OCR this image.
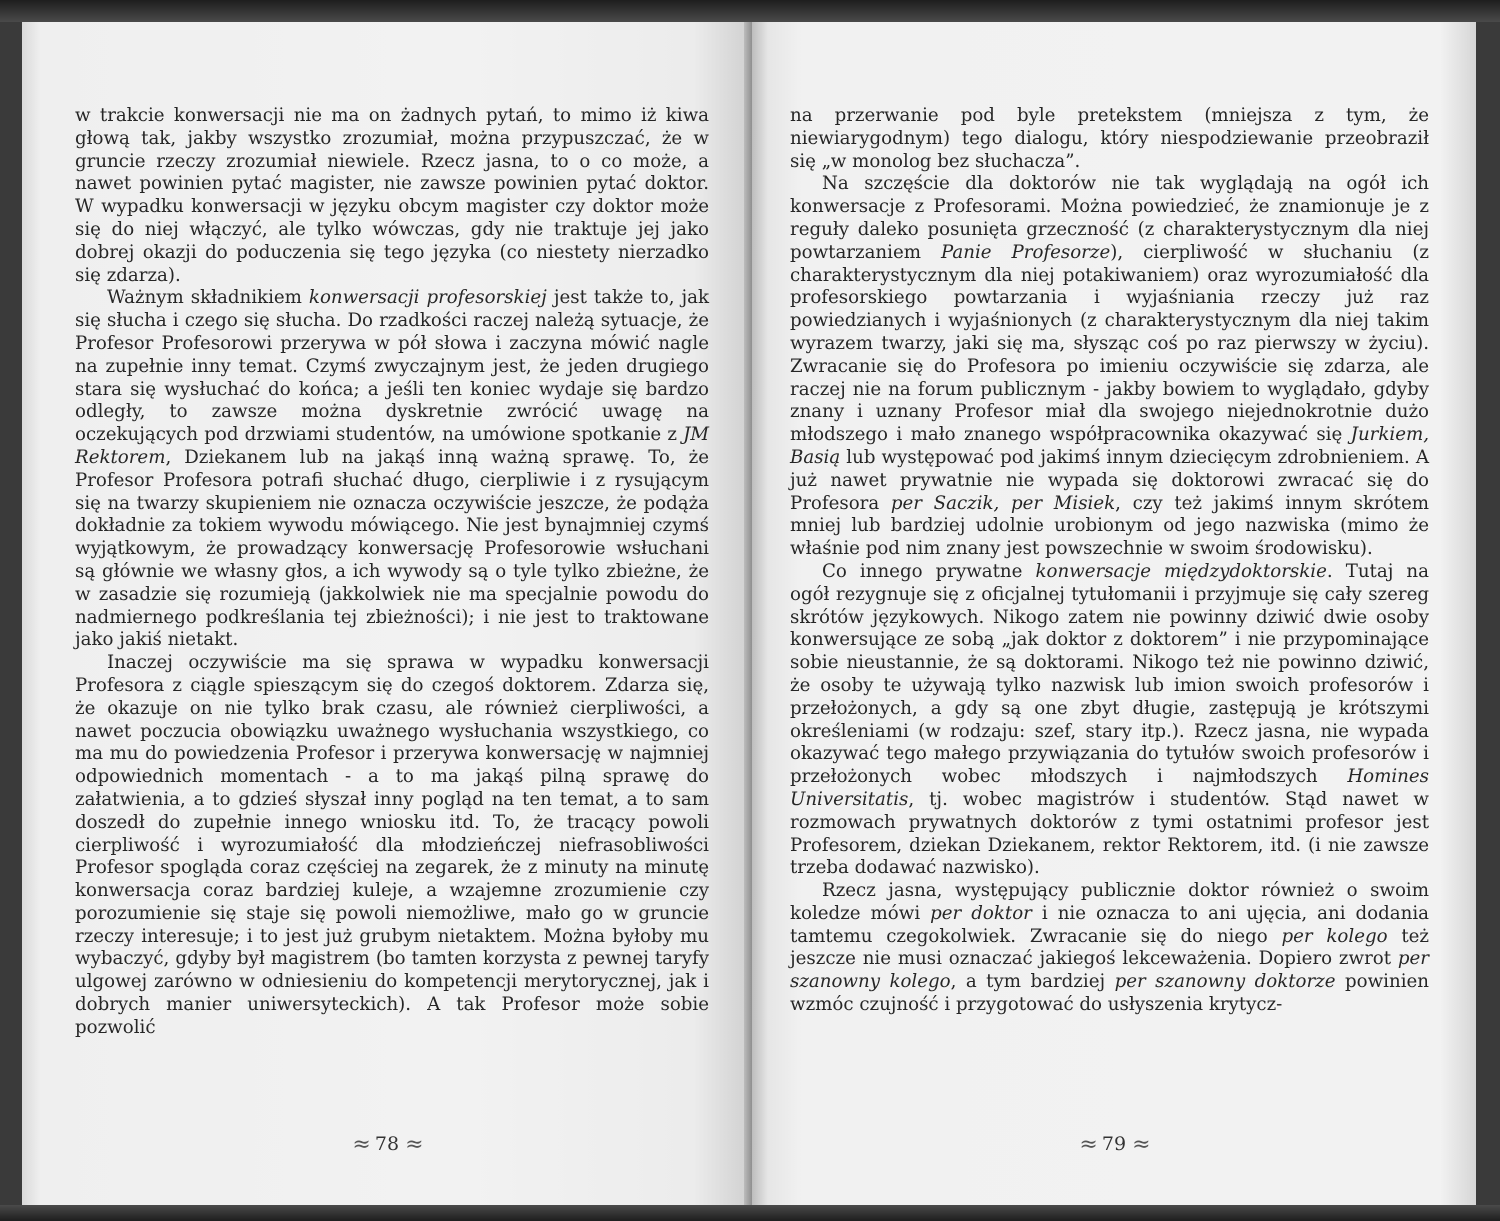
w trakcie konwersacji nie ma on żadnych pytań, to mimo iż kiwa głową tak, jakby wszystko zrozumiał, można przypuszczać, że w gruncie rzeczy zrozumiał niewiele. Rzecz jasna, to o co może, a nawet powinien pytać magister, nie zawsze powinien pytać doktor. W wypadku konwersacji w języku obcym magister czy doktor może się do niej włączyć, ale tylko wówczas, gdy nie traktuje jej jako dobrej okazji do poduczenia się tego języka (co niestety nierzadko się zdarza).

Ważnym składnikiem konwersacji profesorskiej jest także to, jak się słucha i czego się słucha. Do rzadkości raczej należą sytuacje, że Profesor Profesorowi przerywa w pół słowa i zaczyna mówić nagle na zupełnie inny temat. Czymś zwyczajnym jest, że jeden drugiego stara się wysłuchać do końca; a jeśli ten koniec wydaje się bardzo odległy, to zawsze można dyskretnie zwrócić uwagę na oczekujących pod drzwiami studentów, na umówione spotkanie z JM Rektorem, Dziekanem lub na jakąś inną ważną sprawę. To, że Profesor Profesora potrafi słuchać długo, cierpliwie i z rysującym się na twarzy skupieniem nie oznacza oczywiście jeszcze, że podąża dokładnie za tokiem wywodu mówiącego. Nie jest bynajmniej czymś wyjątkowym, że prowadzący konwersację Profesorowie wsłuchani są głównie we własny głos, a ich wywody są o tyle tylko zbieżne, że w zasadzie się rozumieją (jakkolwiek nie ma specjalnie powodu do nadmiernego podkreślania tej zbieżności); i nie jest to traktowane jako jakiś nietakt.

Inaczej oczywiście ma się sprawa w wypadku konwersacji Profesora z ciągle spieszącym się do czegoś doktorem. Zdarza się, że okazuje on nie tylko brak czasu, ale również cierpliwości, a nawet poczucia obowiązku uważnego wysłuchania wszystkiego, co ma mu do powiedzenia Profesor i przerywa konwersację w najmniej odpowiednich momentach - a to ma jakąś pilną sprawę do załatwienia, a to gdzieś słyszał inny pogląd na ten temat, a to sam doszedł do zupełnie innego wniosku itd. To, że tracący powoli cierpliwość i wyrozumiałość dla młodzieńczej niefrasobliwości Profesor spogląda coraz częściej na zegarek, że z minuty na minutę konwersacja coraz bardziej kuleje, a wzajemne zrozumienie czy porozumienie się staje się powoli niemożliwe, mało go w gruncie rzeczy interesuje; i to jest już grubym nietaktem. Można byłoby mu wybaczyć, gdyby był magistrem (bo tamten korzysta z pewnej taryfy ulgowej zarówno w odniesieniu do kompetencji merytorycznej, jak i dobrych manier uniwersyteckich). A tak Profesor może sobie pozwolić

≈ 78 ≈

na przerwanie pod byle pretekstem (mniejsza z tym, że niewiarygodnym) tego dialogu, który niespodziewanie przeobraził się „w monolog bez słuchacza”.

Na szczęście dla doktorów nie tak wyglądają na ogół ich konwersacje z Profesorami. Można powiedzieć, że znamionuje je z reguły daleko posunięta grzeczność (z charakterystycznym dla niej powtarzaniem Panie Profesorze), cierpliwość w słuchaniu (z charakterystycznym dla niej potakiwaniem) oraz wyrozumiałość dla profesorskiego powtarzania i wyjaśniania rzeczy już raz powiedzianych i wyjaśnionych (z charakterystycznym dla niej takim wyrazem twarzy, jaki się ma, słysząc coś po raz pierwszy w życiu). Zwracanie się do Profesora po imieniu oczywiście się zdarza, ale raczej nie na forum publicznym - jakby bowiem to wyglądało, gdyby znany i uznany Profesor miał dla swojego niejednokrotnie dużo młodszego i mało znanego współpracownika okazywać się Jurkiem, Basią lub występować pod jakimś innym dziecięcym zdrobnieniem. A już nawet prywatnie nie wypada się doktorowi zwracać się do Profesora per Saczik, per Misiek, czy też jakimś innym skrótem mniej lub bardziej udolnie urobionym od jego nazwiska (mimo że właśnie pod nim znany jest powszechnie w swoim środowisku).

Co innego prywatne konwersacje międzydoktorskie. Tutaj na ogół rezygnuje się z oficjalnej tytułomanii i przyjmuje się cały szereg skrótów językowych. Nikogo zatem nie powinny dziwić dwie osoby konwersujące ze sobą „jak doktor z doktorem” i nie przypominające sobie nieustannie, że są doktorami. Nikogo też nie powinno dziwić, że osoby te używają tylko nazwisk lub imion swoich profesorów i przełożonych, a gdy są one zbyt długie, zastępują je krótszymi określeniami (w rodzaju: szef, stary itp.). Rzecz jasna, nie wypada okazywać tego małego przywiązania do tytułów swoich profesorów i przełożonych wobec młodszych i najmłodszych Homines Universitatis, tj. wobec magistrów i studentów. Stąd nawet w rozmowach prywatnych doktorów z tymi ostatnimi profesor jest Profesorem, dziekan Dziekanem, rektor Rektorem, itd. (i nie zawsze trzeba dodawać nazwisko).

Rzecz jasna, występujący publicznie doktor również o swoim koledze mówi per doktor i nie oznacza to ani ujęcia, ani dodania tamtemu czegokolwiek. Zwracanie się do niego per kolego też jeszcze nie musi oznaczać jakiegoś lekceważenia. Dopiero zwrot per szanowny kolego, a tym bardziej per szanowny doktorze powinien wzmóc czujność i przygotować do usłyszenia krytycz-

≈ 79 ≈
